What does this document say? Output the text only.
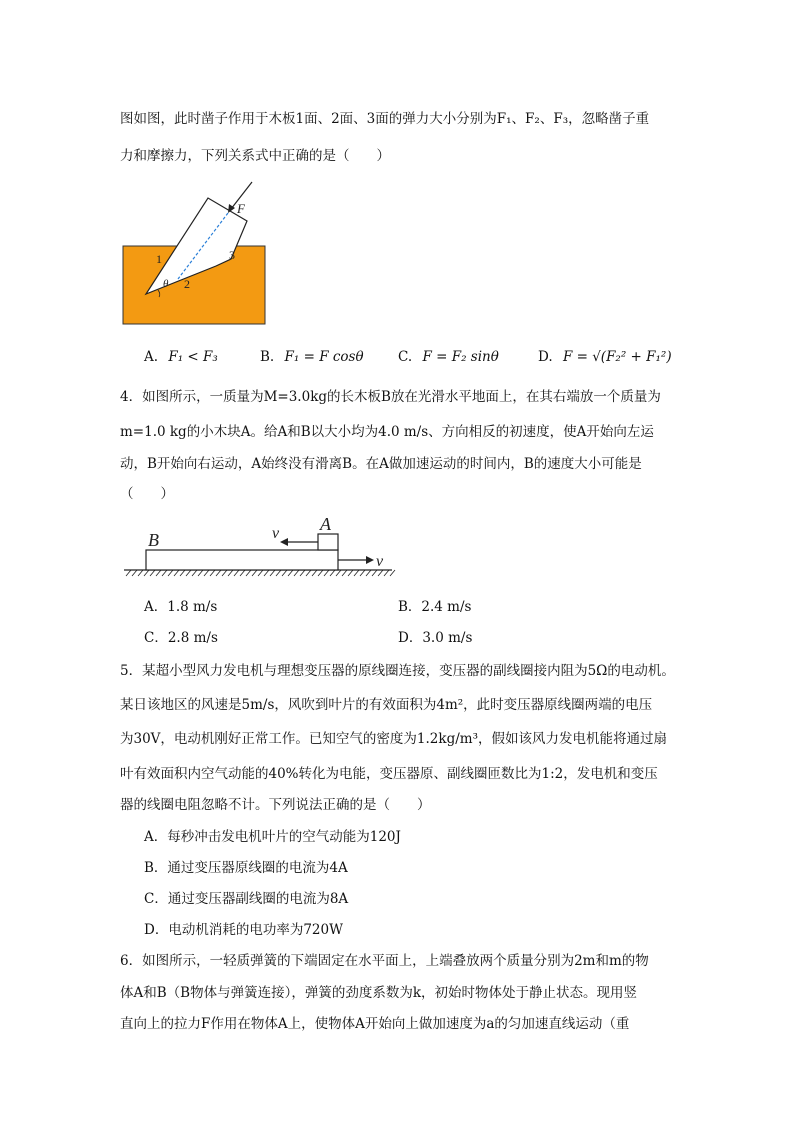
图如图，此时凿子作用于木板1面、2面、3面的弹力大小分别为F₁、F₂、F₃，忽略凿子重
力和摩擦力，下列关系式中正确的是（　　）
F
1
2
3
θ
A. F₁ < F₃	B. F₁ = F cosθ	C. F = F₂ sinθ	D. F = √(F₂² + F₁²)
4．如图所示，一质量为M=3.0kg的长木板B放在光滑水平地面上，在其右端放一个质量为
m=1.0 kg的小木块A。给A和B以大小均为4.0 m/s、方向相反的初速度，使A开始向左运
动，B开始向右运动，A始终没有滑离B。在A做加速运动的时间内，B的速度大小可能是
（　　）
B
A
v
v
A．1.8 m/s	B．2.4 m/s
C．2.8 m/s	D．3.0 m/s
5．某超小型风力发电机与理想变压器的原线圈连接，变压器的副线圈接内阻为5Ω的电动机。
某日该地区的风速是5m/s，风吹到叶片的有效面积为4m²，此时变压器原线圈两端的电压
为30V，电动机刚好正常工作。已知空气的密度为1.2kg/m³，假如该风力发电机能将通过扇
叶有效面积内空气动能的40%转化为电能，变压器原、副线圈匝数比为1:2，发电机和变压
器的线圈电阻忽略不计。下列说法正确的是（　　）
A．每秒冲击发电机叶片的空气动能为120J
B．通过变压器原线圈的电流为4A
C．通过变压器副线圈的电流为8A
D．电动机消耗的电功率为720W
6．如图所示，一轻质弹簧的下端固定在水平面上，上端叠放两个质量分别为2m和m的物
体A和B（B物体与弹簧连接），弹簧的劲度系数为k，初始时物体处于静止状态。现用竖
直向上的拉力F作用在物体A上，使物体A开始向上做加速度为a的匀加速直线运动（重
